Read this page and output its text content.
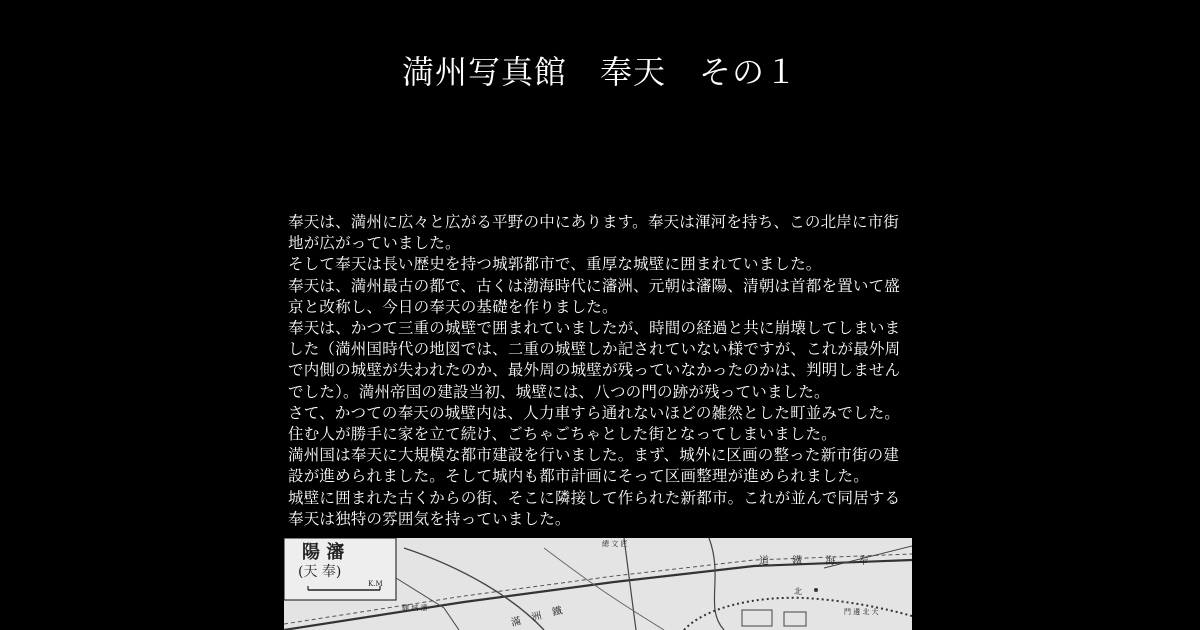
満州写真館　奉天　その１

奉天は、満州に広々と広がる平野の中にあります。奉天は渾河を持ち、この北岸に市街地が広がっていました。

そして奉天は長い歴史を持つ城郭都市で、重厚な城壁に囲まれていました。

奉天は、満州最古の都で、古くは渤海時代に瀋洲、元朝は瀋陽、清朝は首都を置いて盛京と改称し、今日の奉天の基礎を作りました。

奉天は、かつて三重の城壁で囲まれていましたが、時間の経過と共に崩壊してしまいました（満州国時代の地図では、二重の城壁しか記されていない様ですが、これが最外周で内側の城壁が失われたのか、最外周の城壁が残っていなかったのかは、判明しませんでした）。満州帝国の建設当初、城壁には、八つの門の跡が残っていました。

さて、かつての奉天の城壁内は、人力車すら通れないほどの雑然とした町並みでした。住む人が勝手に家を立て続け、ごちゃごちゃとした街となってしまいました。

満州国は奉天に大規模な都市建設を行いました。まず、城外に区画の整った新市街の建設が進められました。そして城内も都市計画にそって区画整理が進められました。

城壁に囲まれた古くからの街、そこに隣接して作られた新都市。これが並んで同居する奉天は独特の雰囲気を持っていました。

陽 瀋
(天 奉)
K.M
道 鐵 海 奉
滿 洲 鐵
北
門 邊 北 大
驛 城 瀋
總 文 匠
